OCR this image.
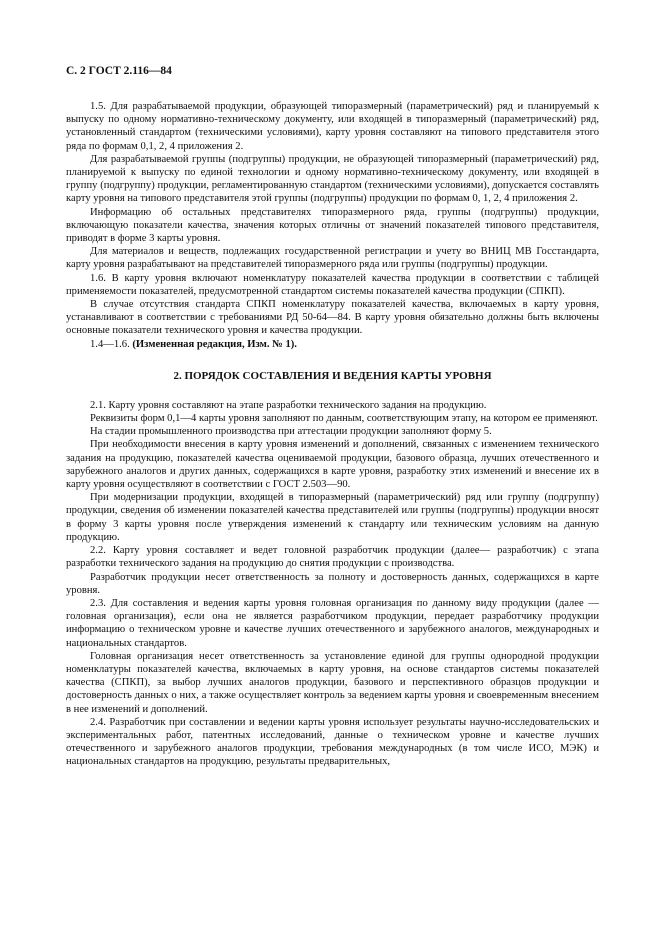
С. 2 ГОСТ 2.116—84

1.5. Для разрабатываемой продукции, образующей типоразмерный (параметрический) ряд и планируемый к выпуску по одному нормативно-техническому документу, или входящей в типоразмерный (параметрический) ряд, установленный стандартом (техническими условиями), карту уровня составляют на типового представителя этого ряда по формам 0,1, 2, 4 приложения 2.

Для разрабатываемой группы (подгруппы) продукции, не образующей типоразмерный (параметрический) ряд, планируемой к выпуску по единой технологии и одному нормативно-техническому документу, или входящей в группу (подгруппу) продукции, регламентированную стандартом (техническими условиями), допускается составлять карту уровня на типового представителя этой группы (подгруппы) продукции по формам 0, 1, 2, 4 приложения 2.

Информацию об остальных представителях типоразмерного ряда, группы (подгруппы) продукции, включающую показатели качества, значения которых отличны от значений показателей типового представителя, приводят в форме 3 карты уровня.

Для материалов и веществ, подлежащих государственной регистрации и учету во ВНИЦ МВ Госстандарта, карту уровня разрабатывают на представителей типоразмерного ряда или группы (подгруппы) продукции.

1.6. В карту уровня включают номенклатуру показателей качества продукции в соответствии с таблицей применяемости показателей, предусмотренной стандартом системы показателей качества продукции (СПКП).

В случае отсутствия стандарта СПКП номенклатуру показателей качества, включаемых в карту уровня, устанавливают в соответствии с требованиями РД 50-64—84. В карту уровня обязательно должны быть включены основные показатели технического уровня и качества продукции.

1.4—1.6. (Измененная редакция, Изм. № 1).

2. ПОРЯДОК СОСТАВЛЕНИЯ И ВЕДЕНИЯ КАРТЫ УРОВНЯ

2.1. Карту уровня составляют на этапе разработки технического задания на продукцию.

Реквизиты форм 0,1—4 карты уровня заполняют по данным, соответствующим этапу, на котором ее применяют.

На стадии промышленного производства при аттестации продукции заполняют форму 5.

При необходимости внесения в карту уровня изменений и дополнений, связанных с изменением технического задания на продукцию, показателей качества оцениваемой продукции, базового образца, лучших отечественного и зарубежного аналогов и других данных, содержащихся в карте уровня, разработку этих изменений и внесение их в карту уровня осуществляют в соответствии с ГОСТ 2.503—90.

При модернизации продукции, входящей в типоразмерный (параметрический) ряд или группу (подгруппу) продукции, сведения об изменении показателей качества представителей или группы (подгруппы) продукции вносят в форму 3 карты уровня после утверждения изменений к стандарту или техническим условиям на данную продукцию.

2.2. Карту уровня составляет и ведет головной разработчик продукции (далее— разработчик) с этапа разработки технического задания на продукцию до снятия продукции с производства.

Разработчик продукции несет ответственность за полноту и достоверность данных, содержащихся в карте уровня.

2.3. Для составления и ведения карты уровня головная организация по данному виду продукции (далее — головная организация), если она не является разработчиком продукции, передает разработчику продукции информацию о техническом уровне и качестве лучших отечественного и зарубежного аналогов, международных и национальных стандартов.

Головная организация несет ответственность за установление единой для группы однородной продукции номенклатуры показателей качества, включаемых в карту уровня, на основе стандартов системы показателей качества (СПКП), за выбор лучших аналогов продукции, базового и перспективного образцов продукции и достоверность данных о них, а также осуществляет контроль за ведением карты уровня и своевременным внесением в нее изменений и дополнений.

2.4. Разработчик при составлении и ведении карты уровня использует результаты научно-исследовательских и экспериментальных работ, патентных исследований, данные о техническом уровне и качестве лучших отечественного и зарубежного аналогов продукции, требования международных (в том числе ИСО, МЭК) и национальных стандартов на продукцию, результаты предварительных,
